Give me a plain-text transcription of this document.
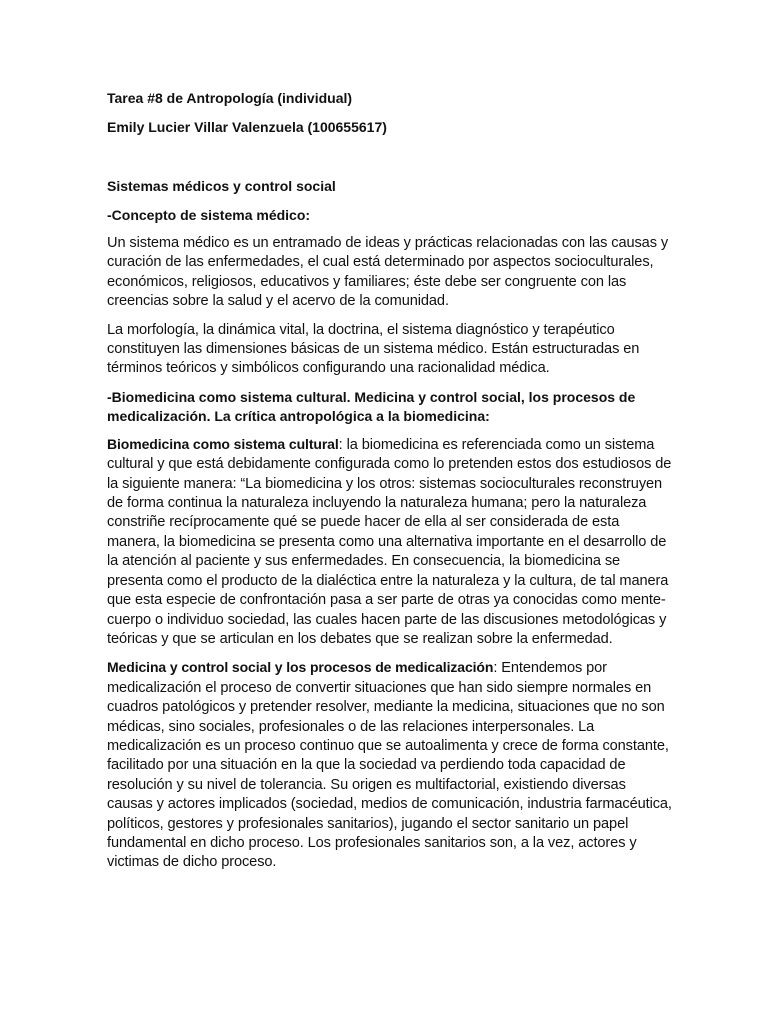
Tarea #8 de Antropología (individual)

Emily Lucier Villar Valenzuela (100655617)

Sistemas médicos y control social

-Concepto de sistema médico:

Un sistema médico es un entramado de ideas y prácticas relacionadas con las causas y curación de las enfermedades, el cual está determinado por aspectos socioculturales, económicos, religiosos, educativos y familiares; éste debe ser congruente con las creencias sobre la salud y el acervo de la comunidad.

La morfología, la dinámica vital, la doctrina, el sistema diagnóstico y terapéutico constituyen las dimensiones básicas de un sistema médico. Están estructuradas en términos teóricos y simbólicos configurando una racionalidad médica.

-Biomedicina como sistema cultural. Medicina y control social, los procesos de medicalización. La crítica antropológica a la biomedicina:

Biomedicina como sistema cultural: la biomedicina es referenciada como un sistema cultural y que está debidamente configurada como lo pretenden estos dos estudiosos de la siguiente manera: “La biomedicina y los otros: sistemas socioculturales reconstruyen de forma continua la naturaleza incluyendo la naturaleza humana; pero la naturaleza constriñe recíprocamente qué se puede hacer de ella al ser considerada de esta manera, la biomedicina se presenta como una alternativa importante en el desarrollo de la atención al paciente y sus enfermedades. En consecuencia, la biomedicina se presenta como el producto de la dialéctica entre la naturaleza y la cultura, de tal manera que esta especie de confrontación pasa a ser parte de otras ya conocidas como mente-cuerpo o individuo sociedad, las cuales hacen parte de las discusiones metodológicas y teóricas y que se articulan en los debates que se realizan sobre la enfermedad.

Medicina y control social y los procesos de medicalización: Entendemos por medicalización el proceso de convertir situaciones que han sido siempre normales en cuadros patológicos y pretender resolver, mediante la medicina, situaciones que no son médicas, sino sociales, profesionales o de las relaciones interpersonales. La medicalización es un proceso continuo que se autoalimenta y crece de forma constante, facilitado por una situación en la que la sociedad va perdiendo toda capacidad de resolución y su nivel de tolerancia. Su origen es multifactorial, existiendo diversas causas y actores implicados (sociedad, medios de comunicación, industria farmacéutica, políticos, gestores y profesionales sanitarios), jugando el sector sanitario un papel fundamental en dicho proceso. Los profesionales sanitarios son, a la vez, actores y victimas de dicho proceso.
